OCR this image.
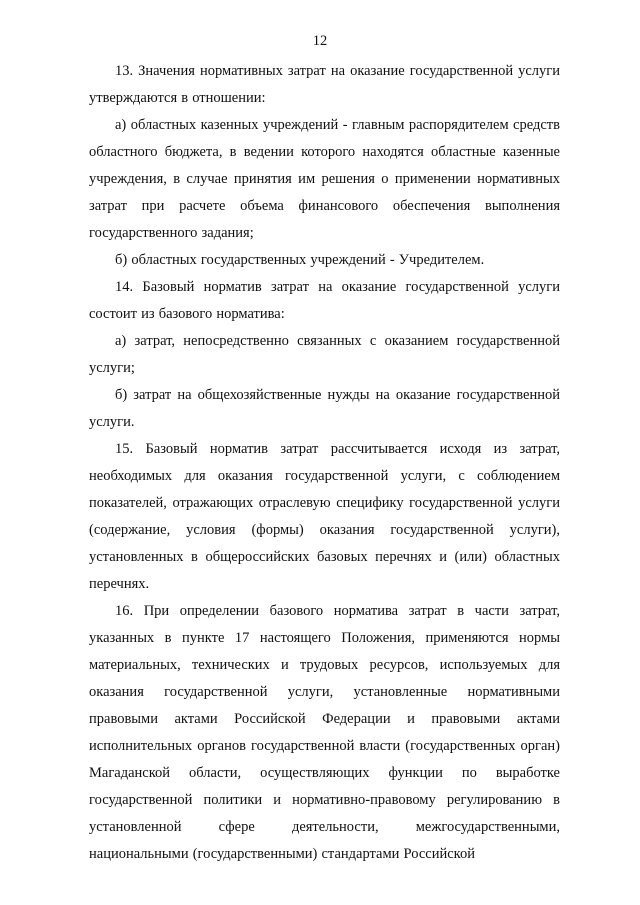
12

13. Значения нормативных затрат на оказание государственной услуги утверждаются в отношении:

а) областных казенных учреждений - главным распорядителем средств областного бюджета, в ведении которого находятся областные казенные учреждения, в случае принятия им решения о применении нормативных затрат при расчете объема финансового обеспечения выполнения государственного задания;

б) областных государственных учреждений - Учредителем.

14. Базовый норматив затрат на оказание государственной услуги состоит из базового норматива:

а) затрат, непосредственно связанных с оказанием государственной услуги;

б) затрат на общехозяйственные нужды на оказание государственной услуги.

15. Базовый норматив затрат рассчитывается исходя из затрат, необходимых для оказания государственной услуги, с соблюдением показателей, отражающих отраслевую специфику государственной услуги (содержание, условия (формы) оказания государственной услуги), установленных в общероссийских базовых перечнях и (или) областных перечнях.

16. При определении базового норматива затрат в части затрат, указанных в пункте 17 настоящего Положения, применяются нормы материальных, технических и трудовых ресурсов, используемых для оказания государственной услуги, установленные нормативными правовыми актами Российской Федерации и правовыми актами исполнительных органов государственной власти (государственных орган) Магаданской области, осуществляющих функции по выработке государственной политики и нормативно-правовому регулированию в установленной сфере деятельности, межгосударственными, национальными (государственными) стандартами Российской
